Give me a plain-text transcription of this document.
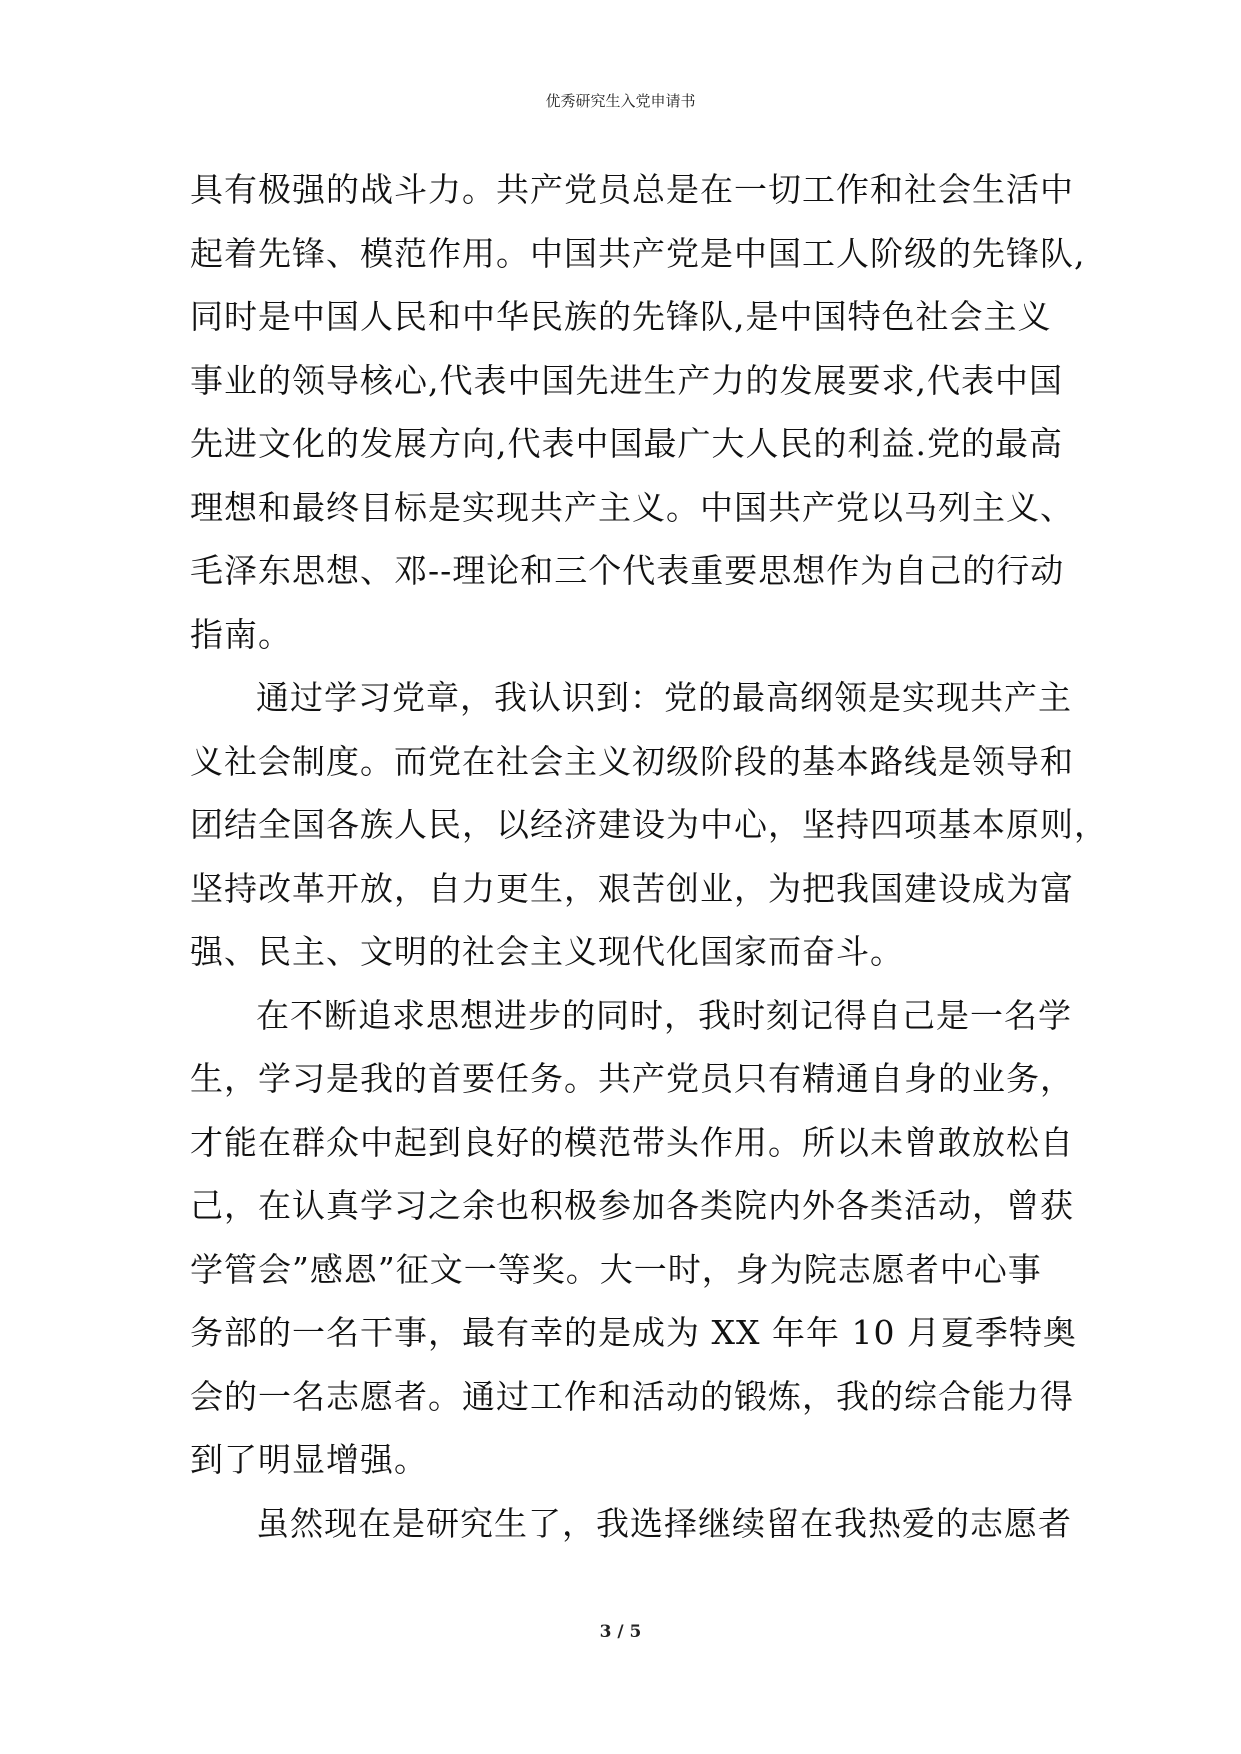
优秀研究生入党申请书
具有极强的战斗力。共产党员总是在一切工作和社会生活中
起着先锋、模范作用。中国共产党是中国工人阶级的先锋队,
同时是中国人民和中华民族的先锋队,是中国特色社会主义
事业的领导核心,代表中国先进生产力的发展要求,代表中国
先进文化的发展方向,代表中国最广大人民的利益.党的最高
理想和最终目标是实现共产主义。中国共产党以马列主义、
毛泽东思想、邓--理论和三个代表重要思想作为自己的行动
指南。
通过学习党章，我认识到：党的最高纲领是实现共产主
义社会制度。而党在社会主义初级阶段的基本路线是领导和
团结全国各族人民，以经济建设为中心，坚持四项基本原则，
坚持改革开放，自力更生，艰苦创业，为把我国建设成为富
强、民主、文明的社会主义现代化国家而奋斗。
在不断追求思想进步的同时，我时刻记得自己是一名学
生，学习是我的首要任务。共产党员只有精通自身的业务，
才能在群众中起到良好的模范带头作用。所以未曾敢放松自
己，在认真学习之余也积极参加各类院内外各类活动，曾获
学管会”感恩”征文一等奖。大一时，身为院志愿者中心事
务部的一名干事，最有幸的是成为 XX 年年 10 月夏季特奥
会的一名志愿者。通过工作和活动的锻炼，我的综合能力得
到了明显增强。
虽然现在是研究生了，我选择继续留在我热爱的志愿者
3 / 5
